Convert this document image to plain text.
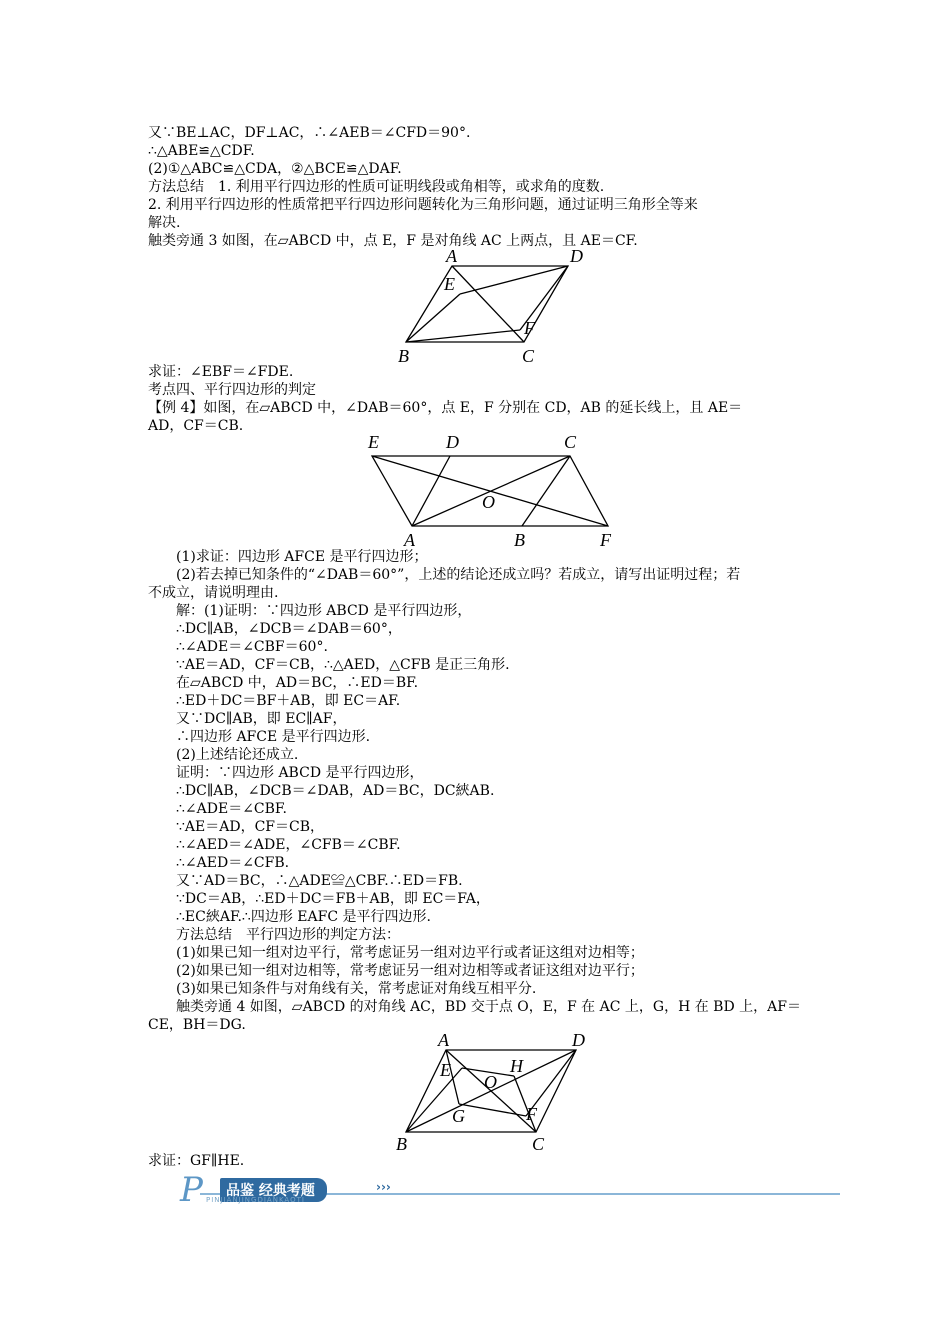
又∵BE⊥AC，DF⊥AC，∴∠AEB＝∠CFD＝90°.
∴△ABE≌△CDF.
(2)①△ABC≌△CDA，②△BCE≌△DAF.
方法总结　1. 利用平行四边形的性质可证明线段或角相等，或求角的度数.
2. 利用平行四边形的性质常把平行四边形问题转化为三角形问题，通过证明三角形全等来
解决.
触类旁通 3 如图，在▱ABCD 中，点 E，F 是对角线 AC 上两点，且 AE＝CF.
A	D
E
F
B	C
求证：∠EBF＝∠FDE.
考点四、平行四边形的判定
【例 4】如图，在▱ABCD 中，∠DAB＝60°，点 E，F 分别在 CD，AB 的延长线上，且 AE＝
AD，CF＝CB.
E	D	C
O
A	B	F
(1)求证：四边形 AFCE 是平行四边形；
(2)若去掉已知条件的“∠DAB＝60°”，上述的结论还成立吗？若成立，请写出证明过程；若
不成立，请说明理由.
解：(1)证明：∵四边形 ABCD 是平行四边形，
∴DC∥AB，∠DCB＝∠DAB＝60°，
∴∠ADE＝∠CBF＝60°.
∵AE＝AD，CF＝CB，∴△AED，△CFB 是正三角形.
在▱ABCD 中，AD＝BC，∴ED＝BF.
∴ED＋DC＝BF＋AB，即 EC＝AF.
又∵DC∥AB，即 EC∥AF，
∴四边形 AFCE 是平行四边形.
(2)上述结论还成立.
证明：∵四边形 ABCD 是平行四边形，
∴DC∥AB，∠DCB＝∠DAB，AD＝BC，DC綊AB.
∴∠ADE＝∠CBF.
∵AE＝AD，CF＝CB，
∴∠AED＝∠ADE，∠CFB＝∠CBF.
∴∠AED＝∠CFB.
又∵AD＝BC，∴△ADE≌△CBF.∴ED＝FB.
∵DC＝AB，∴ED＋DC＝FB＋AB，即 EC＝FA，
∴EC綊AF.∴四边形 EAFC 是平行四边形.
方法总结　平行四边形的判定方法：
(1)如果已知一组对边平行，常考虑证另一组对边平行或者证这组对边相等；
(2)如果已知一组对边相等，常考虑证另一组对边相等或者证这组对边平行；
(3)如果已知条件与对角线有关，常考虑证对角线互相平分.
触类旁通 4 如图，▱ABCD 的对角线 AC，BD 交于点 O，E，F 在 AC 上，G，H 在 BD 上，AF＝
CE，BH＝DG.
A	D
E	H
O
G	F
B	C
求证：GF∥HE.
P	品鉴 经典考题	›››
PINJIANJINGDIANKAOTI
